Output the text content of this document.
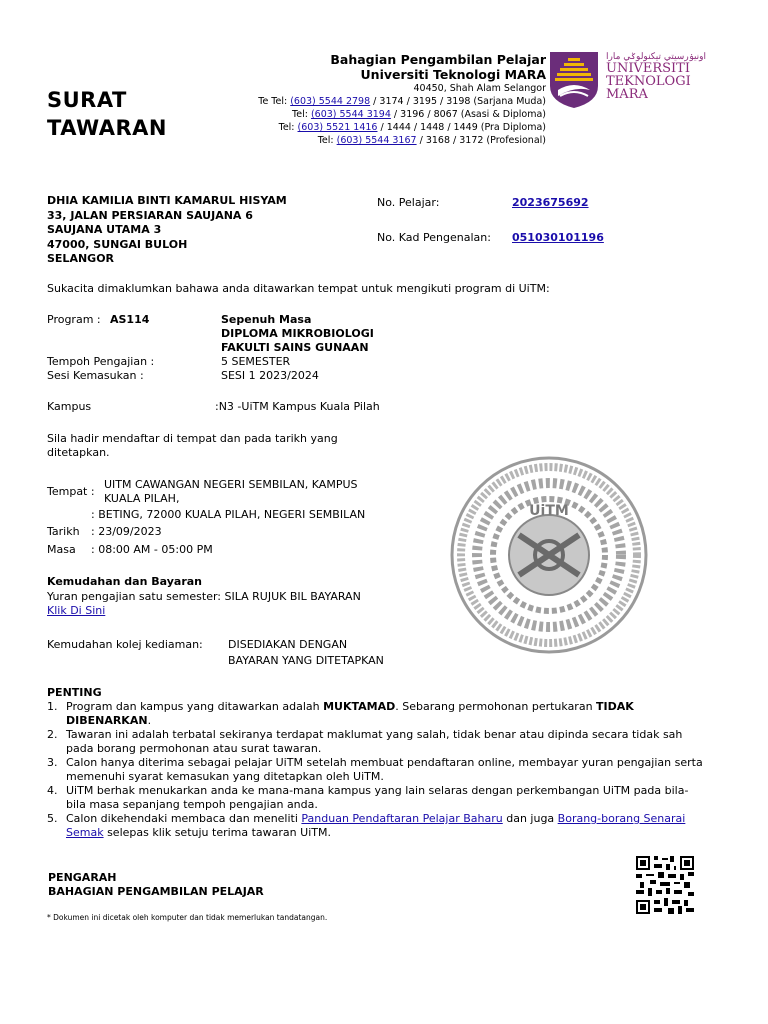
SURAT
TAWARAN
Bahagian Pengambilan Pelajar
Universiti Teknologi MARA
40450, Shah Alam Selangor
Te Tel: (603) 5544 2798 / 3174 / 3195 / 3198 (Sarjana Muda)
Tel: (603) 5544 3194 / 3196 / 8067 (Asasi & Diploma)
Tel: (603) 5521 1416 / 1444 / 1448 / 1449 (Pra Diploma)
Tel: (603) 5544 3167 / 3168 / 3172 (Profesional)
اونيۏرسيتي تيكنولوݢي مارا
UNIVERSITI
TEKNOLOGI
MARA
DHIA KAMILIA BINTI KAMARUL HISYAM
33, JALAN PERSIARAN SAUJANA 6
SAUJANA UTAMA 3
47000, SUNGAI BULOH
SELANGOR
No. Pelajar:	2023675692
No. Kad Pengenalan: 051030101196
Sukacita dimaklumkan bahawa anda ditawarkan tempat untuk mengikuti program di UiTM:
Program : AS114	Sepenuh Masa
DIPLOMA MIKROBIOLOGI
FAKULTI SAINS GUNAAN
Tempoh Pengajian :	5 SEMESTER
Sesi Kemasukan :	SESI 1 2023/2024
Kampus	:N3 -UiTM Kampus Kuala Pilah
Sila hadir mendaftar di tempat dan pada tarikh yang
ditetapkan.
Tempat :
UITM CAWANGAN NEGERI SEMBILAN, KAMPUS
KUALA PILAH,
: BETING, 72000 KUALA PILAH, NEGERI SEMBILAN
Tarikh : 23/09/2023
Masa : 08:00 AM - 05:00 PM
UiTM
Kemudahan dan Bayaran
Yuran pengajian satu semester: SILA RUJUK BIL BAYARAN
Klik Di Sini
Kemudahan kolej kediaman: DISEDIAKAN DENGAN
BAYARAN YANG DITETAPKAN
PENTING
1. Program dan kampus yang ditawarkan adalah MUKTAMAD. Sebarang permohonan pertukaran TIDAK DIBENARKAN.
2. Tawaran ini adalah terbatal sekiranya terdapat maklumat yang salah, tidak benar atau dipinda secara tidak sah pada borang permohonan atau surat tawaran.
3. Calon hanya diterima sebagai pelajar UiTM setelah membuat pendaftaran online, membayar yuran pengajian serta memenuhi syarat kemasukan yang ditetapkan oleh UiTM.
4. UiTM berhak menukarkan anda ke mana-mana kampus yang lain selaras dengan perkembangan UiTM pada bila-bila masa sepanjang tempoh pengajian anda.
5. Calon dikehendaki membaca dan meneliti Panduan Pendaftaran Pelajar Baharu dan juga Borang-borang Senarai Semak selepas klik setuju terima tawaran UiTM.
PENGARAH
BAHAGIAN PENGAMBILAN PELAJAR
* Dokumen ini dicetak oleh komputer dan tidak memerlukan tandatangan.
